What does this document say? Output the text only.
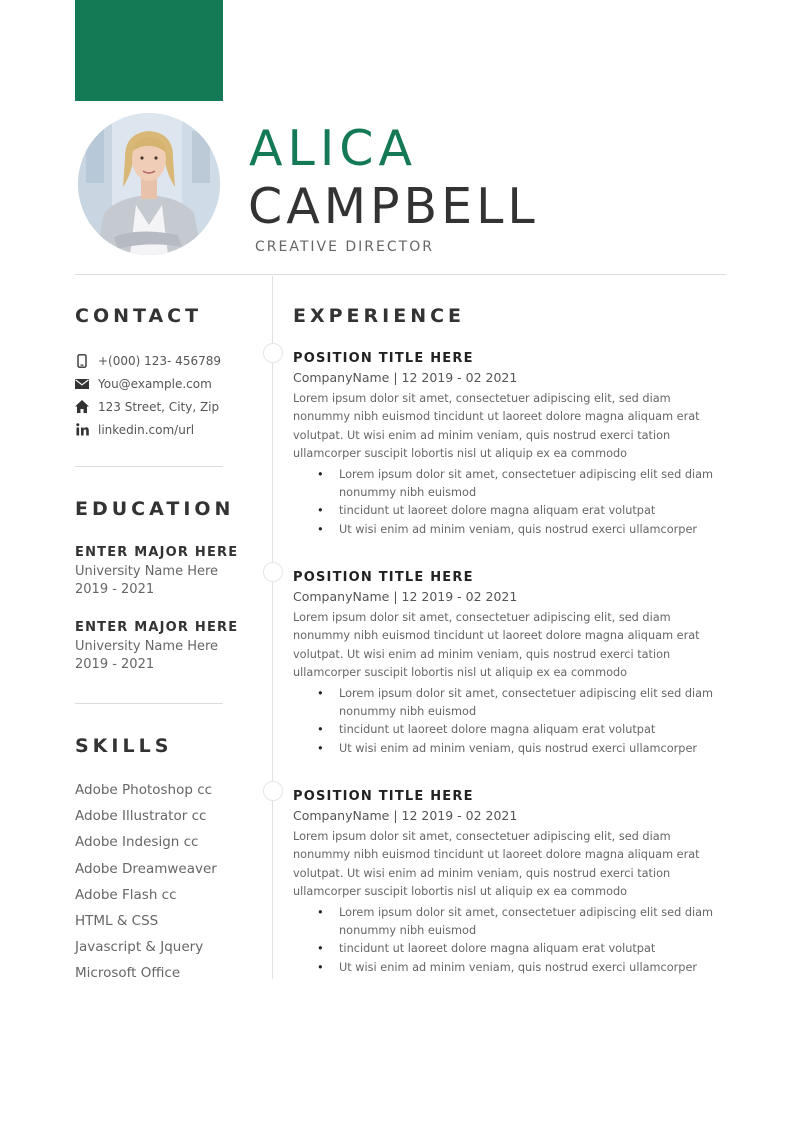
ALICA
CAMPBELL
CREATIVE DIRECTOR
CONTACT
+(000) 123- 456789
You@example.com
123 Street, City, Zip
linkedin.com/url
EDUCATION

ENTER MAJOR HERE

University Name Here

2019 - 2021

ENTER MAJOR HERE

University Name Here

2019 - 2021

SKILLS
Adobe Photoshop cc
Adobe Illustrator cc
Adobe Indesign cc
Adobe Dreamweaver
Adobe Flash cc
HTML & CSS
Javascript & Jquery
Microsoft Office
EXPERIENCE

POSITION TITLE HERE

CompanyName | 12 2019 - 02 2021

Lorem ipsum dolor sit amet, consectetuer adipiscing elit, sed diam nonummy nibh euismod tincidunt ut laoreet dolore magna aliquam erat volutpat. Ut wisi enim ad minim veniam, quis nostrud exerci tation ullamcorper suscipit lobortis nisl ut aliquip ex ea commodo

• Lorem ipsum dolor sit amet, consectetuer adipiscing elit sed diam nonummy nibh euismod
• tincidunt ut laoreet dolore magna aliquam erat volutpat
• Ut wisi enim ad minim veniam, quis nostrud exerci ullamcorper

POSITION TITLE HERE

CompanyName | 12 2019 - 02 2021

Lorem ipsum dolor sit amet, consectetuer adipiscing elit, sed diam nonummy nibh euismod tincidunt ut laoreet dolore magna aliquam erat volutpat. Ut wisi enim ad minim veniam, quis nostrud exerci tation ullamcorper suscipit lobortis nisl ut aliquip ex ea commodo

• Lorem ipsum dolor sit amet, consectetuer adipiscing elit sed diam nonummy nibh euismod
• tincidunt ut laoreet dolore magna aliquam erat volutpat
• Ut wisi enim ad minim veniam, quis nostrud exerci ullamcorper

POSITION TITLE HERE

CompanyName | 12 2019 - 02 2021

Lorem ipsum dolor sit amet, consectetuer adipiscing elit, sed diam nonummy nibh euismod tincidunt ut laoreet dolore magna aliquam erat volutpat. Ut wisi enim ad minim veniam, quis nostrud exerci tation ullamcorper suscipit lobortis nisl ut aliquip ex ea commodo

• Lorem ipsum dolor sit amet, consectetuer adipiscing elit sed diam nonummy nibh euismod
• tincidunt ut laoreet dolore magna aliquam erat volutpat
• Ut wisi enim ad minim veniam, quis nostrud exerci ullamcorper
